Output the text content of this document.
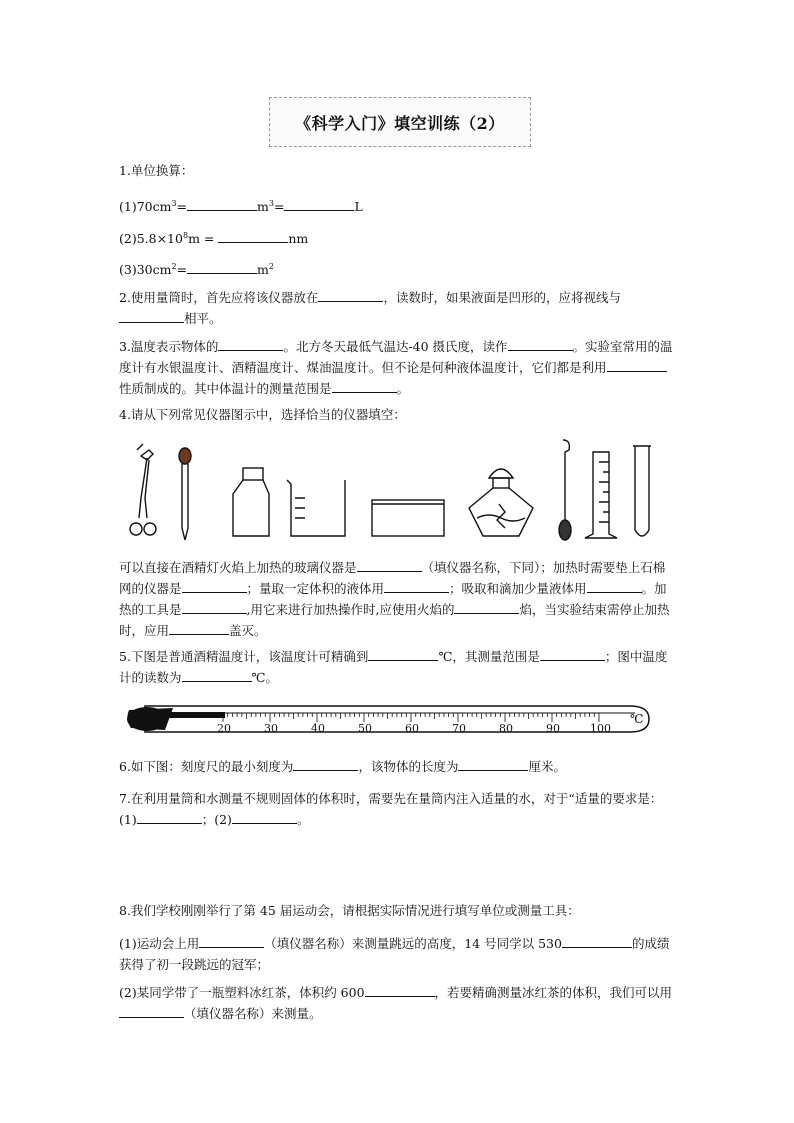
《科学入门》填空训练（2）
1.单位换算：
$(1)70cm^3=$	$m^3=$	L
$(2)5.8\times 10^8m$ =	nm
$(3)30cm^2=$	$m^2$
2.使用量筒时，首先应将该仪器放在	，读数时，如果液面是凹形的，应将视线与相平。
3.温度表示物体的	。北方冬天最低气温达-40 摄氏度，读作	。实验室常用的温度计有水银温度计、酒精温度计、煤油温度计。但不论是何种液体温度计，它们都是利用性质制成的。其中体温计的测量范围是	。
4.请从下列常见仪器图示中，选择恰当的仪器填空：
可以直接在酒精灯火焰上加热的玻璃仪器是	（填仪器名称，下同）；加热时需要垫上石棉网的仪器是	；量取一定体积的液体用	；吸取和滴加少量液体用	。加热的工具是	,用它来进行加热操作时,应使用火焰的	焰，当实验结束需停止加热时，应用	盖灭。
5.下图是普通酒精温度计，该温度计可精确到	℃，其测量范围是	；图中温度计的读数为	℃。
20	30	40	50	60	70	80	90	100
℃
6.如下图：刻度尺的最小刻度为	，该物体的长度为	厘米。
7.在利用量筒和水测量不规则固体的体积时，需要先在量筒内注入适量的水，对于“适量的要求是：(1)	；(2)	。
8.我们学校刚刚举行了第 45 届运动会，请根据实际情况进行填写单位或测量工具：
(1)运动会上用	（填仪器名称）来测量跳远的高度，14 号同学以 530	的成绩获得了初一段跳远的冠军；
(2)某同学带了一瓶塑料冰红茶，体积约 600	，若要精确测量冰红茶的体积，我们可以用（填仪器名称）来测量。
